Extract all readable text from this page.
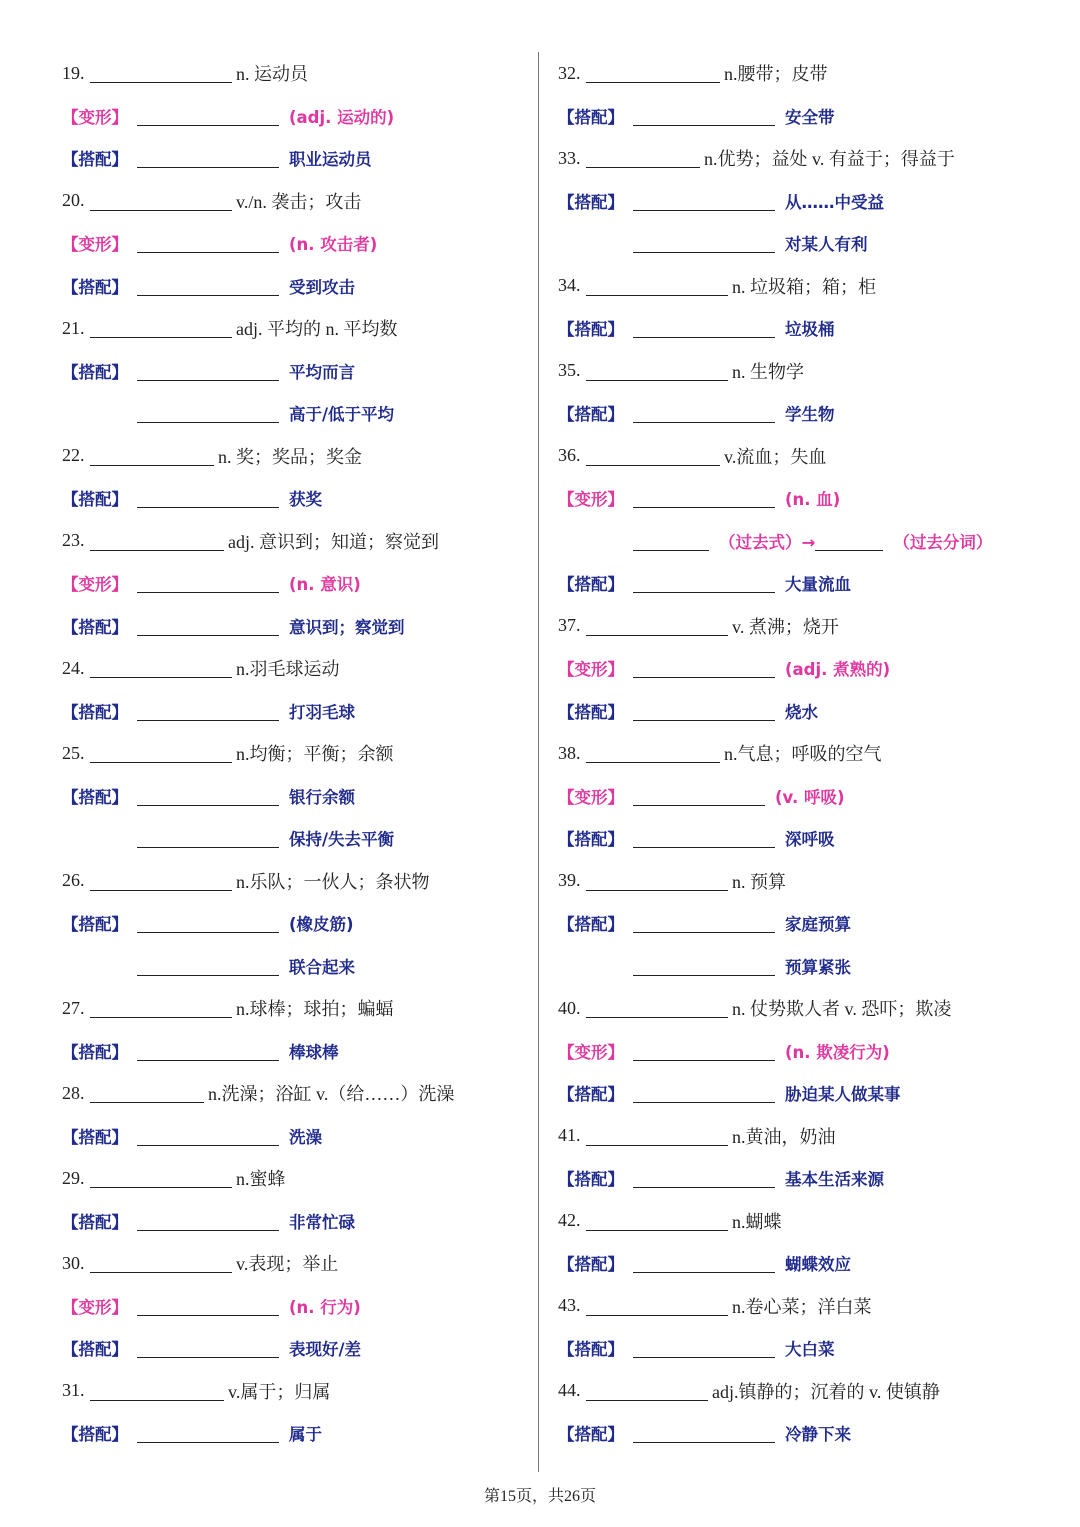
19.	n. 运动员
【变形】	(adj. 运动的)
【搭配】	职业运动员
20.	v./n. 袭击；攻击
【变形】	(n. 攻击者)
【搭配】	受到攻击
21.	adj. 平均的 n. 平均数
【搭配】	平均而言
高于/低于平均
22.	n. 奖；奖品；奖金
【搭配】	获奖
23.	adj. 意识到；知道；察觉到
【变形】	(n. 意识)
【搭配】	意识到；察觉到
24.	n.羽毛球运动
【搭配】	打羽毛球
25.	n.均衡；平衡；余额
【搭配】	银行余额
保持/失去平衡
26.	n.乐队；一伙人；条状物
【搭配】	(橡皮筋)
联合起来
27.	n.球棒；球拍；蝙蝠
【搭配】	棒球棒
28.	n.洗澡；浴缸 v.（给……）洗澡
【搭配】	洗澡
29.	n.蜜蜂
【搭配】	非常忙碌
30.	v.表现；举止
【变形】	(n. 行为)
【搭配】	表现好/差
31.	v.属于；归属
【搭配】	属于
32.	n.腰带；皮带
【搭配】	安全带
33.	n.优势；益处 v. 有益于；得益于
【搭配】	从……中受益
对某人有利
34.	n. 垃圾箱；箱；柜
【搭配】	垃圾桶
35.	n. 生物学
【搭配】	学生物
36.	v.流血；失血
【变形】	(n. 血)
（过去式）→	（过去分词）
【搭配】	大量流血
37.	v. 煮沸；烧开
【变形】	(adj. 煮熟的)
【搭配】	烧水
38.	n.气息；呼吸的空气
【变形】	(v. 呼吸)
【搭配】	深呼吸
39.	n. 预算
【搭配】	家庭预算
预算紧张
40.	n. 仗势欺人者 v. 恐吓；欺凌
【变形】	(n. 欺凌行为)
【搭配】	胁迫某人做某事
41.	n.黄油，奶油
【搭配】	基本生活来源
42.	n.蝴蝶
【搭配】	蝴蝶效应
43.	n.卷心菜；洋白菜
【搭配】	大白菜
44.	adj.镇静的；沉着的 v. 使镇静
【搭配】	冷静下来
第15页，共26页
